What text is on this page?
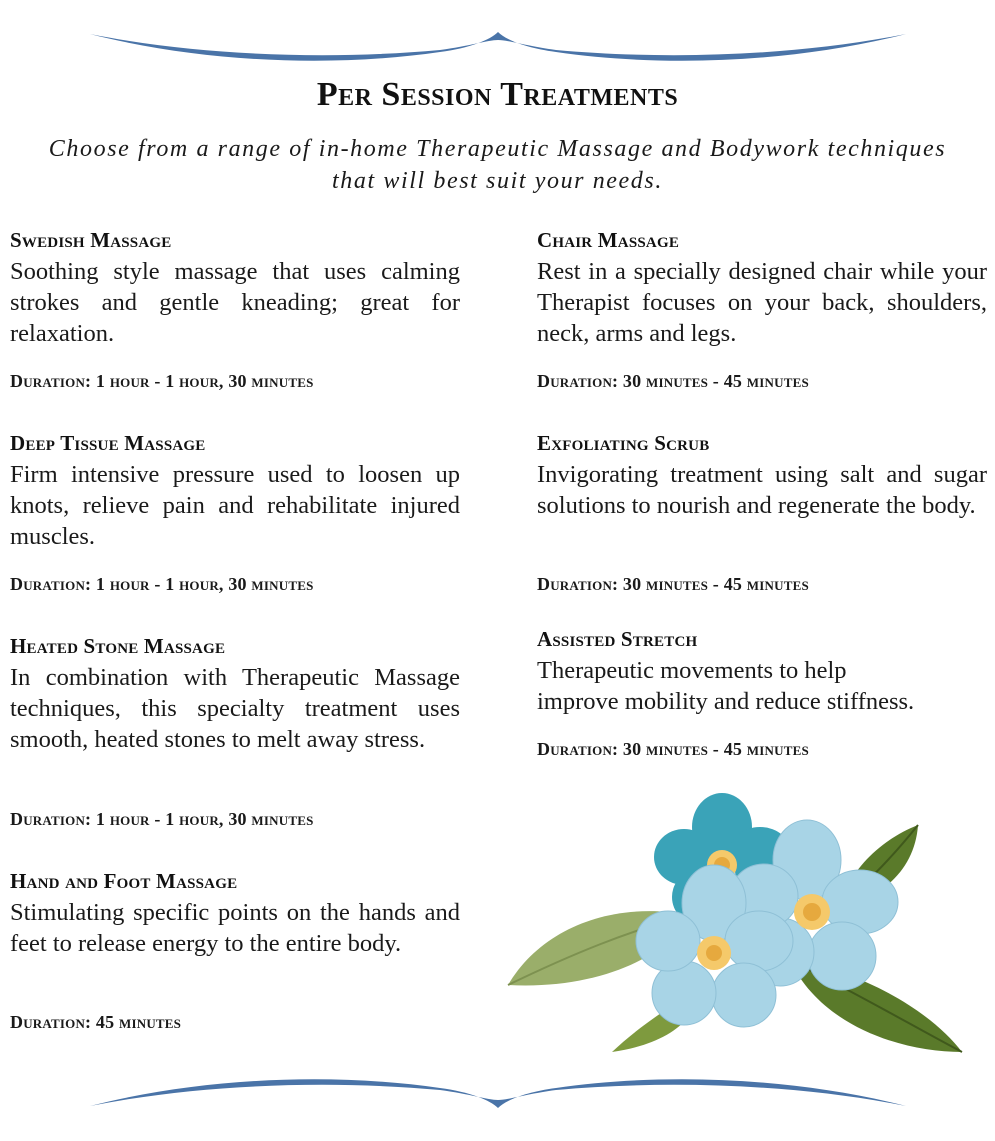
Per Session Treatments
Choose from a range of in-home Therapeutic Massage and Bodywork techniques
that will best suit your needs.
Swedish Massage
Soothing style massage that uses calming strokes and gentle kneading; great for relaxation.
Duration: 1 hour - 1 hour, 30 minutes
Deep Tissue Massage
Firm intensive pressure used to loosen up knots, relieve pain and rehabilitate injured muscles.
Duration: 1 hour - 1 hour, 30 minutes
Heated Stone Massage
In combination with Therapeutic Massage techniques, this specialty treatment uses smooth, heated stones to melt away stress.
Duration: 1 hour - 1 hour, 30 minutes
Hand and Foot Massage
Stimulating specific points on the hands and feet to release energy to the entire body.
Duration: 45 minutes
Chair Massage
Rest in a specially designed chair while your Therapist focuses on your back, shoulders, neck, arms and legs.
Duration: 30 minutes - 45 minutes
Exfoliating Scrub
Invigorating treatment using salt and sugar solutions to nourish and regenerate the body.
Duration: 30 minutes - 45 minutes
Assisted Stretch
Therapeutic movements to help
improve mobility and reduce stiffness.
Duration: 30 minutes - 45 minutes
